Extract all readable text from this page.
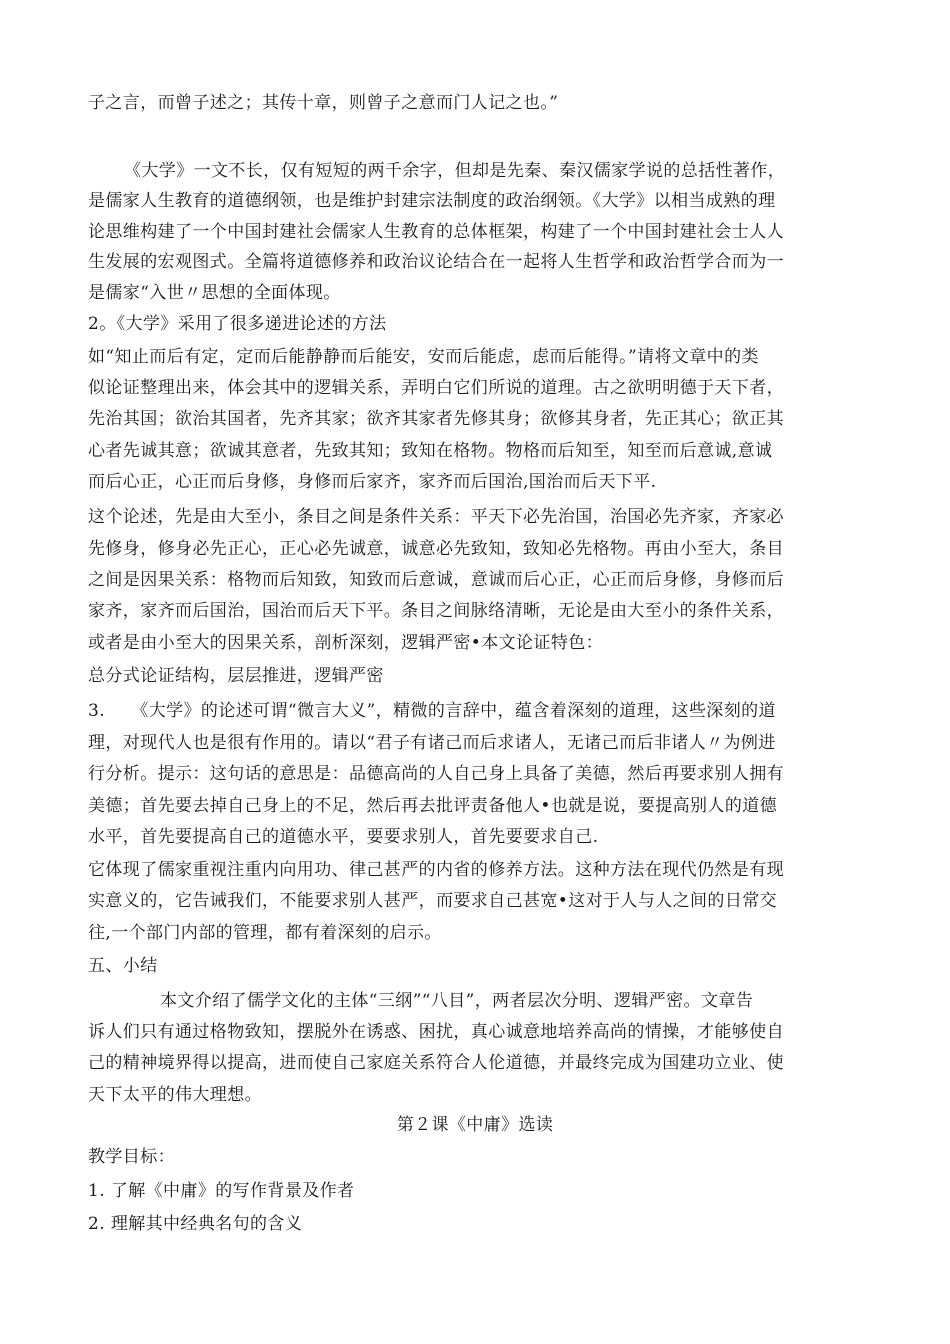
子之言，而曾子述之；其传十章，则曾子之意而门人记之也。”
《大学》一文不长，仅有短短的两千余字，但却是先秦、秦汉儒家学说的总括性著作，
是儒家人生教育的道德纲领，也是维护封建宗法制度的政治纲领。《大学》以相当成熟的理
论思维构建了一个中国封建社会儒家人生教育的总体框架，构建了一个中国封建社会士人人
生发展的宏观图式。全篇将道德修养和政治议论结合在一起将人生哲学和政治哲学合而为一
是儒家“入世〃思想的全面体现。
2。《大学》采用了很多递进论述的方法
如“知止而后有定，定而后能静静而后能安，安而后能虑，虑而后能得。”请将文章中的类
似论证整理出来，体会其中的逻辑关系，弄明白它们所说的道理。古之欲明明德于天下者，
先治其国；欲治其国者，先齐其家；欲齐其家者先修其身；欲修其身者，先正其心；欲正其
心者先诚其意；欲诚其意者，先致其知；致知在格物。物格而后知至，知至而后意诚,意诚
而后心正，心正而后身修，身修而后家齐，家齐而后国治,国治而后天下平.
这个论述，先是由大至小，条目之间是条件关系：平天下必先治国，治国必先齐家，齐家必
先修身，修身必先正心，正心必先诚意，诚意必先致知，致知必先格物。再由小至大，条目
之间是因果关系：格物而后知致，知致而后意诚，意诚而后心正，心正而后身修，身修而后
家齐，家齐而后国治，国治而后天下平。条目之间脉络清晰，无论是由大至小的条件关系，
或者是由小至大的因果关系，剖析深刻，逻辑严密•本文论证特色：
总分式论证结构，层层推进，逻辑严密
3.　　《大学》的论述可谓“微言大义”，精微的言辞中，蕴含着深刻的道理，这些深刻的道
理，对现代人也是很有作用的。请以“君子有诸己而后求诸人，无诸己而后非诸人〃为例进
行分析。提示：这句话的意思是：品德高尚的人自己身上具备了美德，然后再要求别人拥有
美德；首先要去掉自己身上的不足，然后再去批评责备他人•也就是说，要提高别人的道德
水平，首先要提高自己的道德水平，要要求别人，首先要要求自己.
它体现了儒家重视注重内向用功、律己甚严的内省的修养方法。这种方法在现代仍然是有现
实意义的，它告诫我们，不能要求别人甚严，而要求自己甚宽•这对于人与人之间的日常交
往,一个部门内部的管理，都有着深刻的启示。
五、小结
本文介绍了儒学文化的主体“三纲”“八目”，两者层次分明、逻辑严密。文章告
诉人们只有通过格物致知，摆脱外在诱惑、困扰，真心诚意地培养高尚的情操，才能够使自
己的精神境界得以提高，进而使自己家庭关系符合人伦道德，并最终完成为国建功立业、使
天下太平的伟大理想。
第２课《中庸》选读
教学目标：
1. 了解《中庸》的写作背景及作者
2. 理解其中经典名句的含义
